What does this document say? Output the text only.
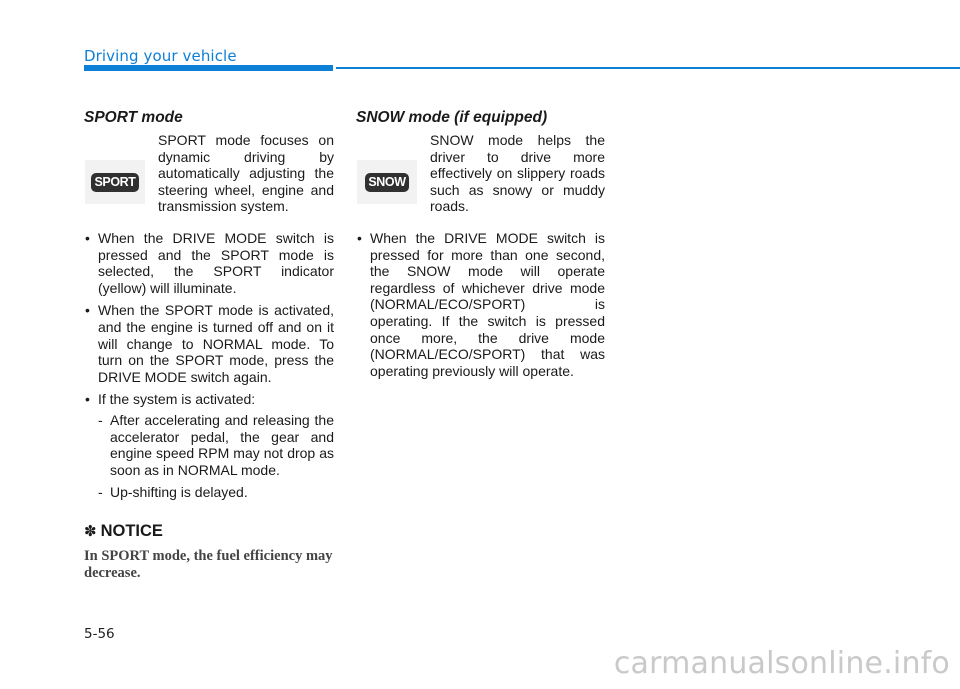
Driving your vehicle
SPORT mode
SPORT

SPORT mode focuses on dynamic driving by automatically adjusting the steering wheel, engine and transmission system.

• When the DRIVE MODE switch is pressed and the SPORT mode is selected, the SPORT indicator (yellow) will illuminate.
• When the SPORT mode is activated, and the engine is turned off and on it will change to NORMAL mode. To turn on the SPORT mode, press the DRIVE MODE switch again.
• If the system is activated:
- After accelerating and releasing the accelerator pedal, the gear and engine speed RPM may not drop as soon as in NORMAL mode.
- Up-shifting is delayed.
✽ NOTICE

In SPORT mode, the fuel efficiency may decrease.

SNOW mode (if equipped)
SNOW

SNOW mode helps the driver to drive more effectively on slippery roads such as snowy or muddy roads.

• When the DRIVE MODE switch is pressed for more than one second, the SNOW mode will operate regardless of whichever drive mode (NORMAL/ECO/SPORT) is operating. If the switch is pressed once more, the drive mode (NORMAL/ECO/SPORT) that was operating previously will operate.
5-56
carmanualsonline.info
